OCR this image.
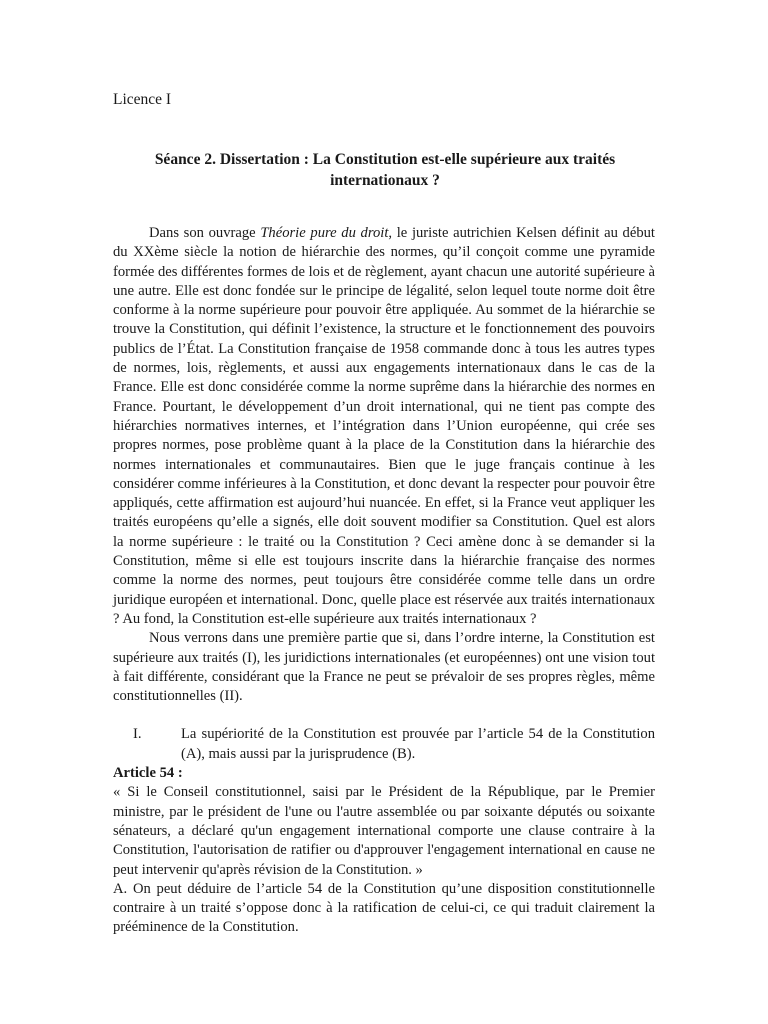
Licence I
Séance 2. Dissertation : La Constitution est-elle supérieure aux traités internationaux ?

Dans son ouvrage Théorie pure du droit, le juriste autrichien Kelsen définit au début du XXème siècle la notion de hiérarchie des normes, qu’il conçoit comme une pyramide formée des différentes formes de lois et de règlement, ayant chacun une autorité supérieure à une autre. Elle est donc fondée sur le principe de légalité, selon lequel toute norme doit être conforme à la norme supérieure pour pouvoir être appliquée. Au sommet de la hiérarchie se trouve la Constitution, qui définit l’existence, la structure et le fonctionnement des pouvoirs publics de l’État. La Constitution française de 1958 commande donc à tous les autres types de normes, lois, règlements, et aussi aux engagements internationaux dans le cas de la France. Elle est donc considérée comme la norme suprême dans la hiérarchie des normes en France. Pourtant, le développement d’un droit international, qui ne tient pas compte des hiérarchies normatives internes, et l’intégration dans l’Union européenne, qui crée ses propres normes, pose problème quant à la place de la Constitution dans la hiérarchie des normes internationales et communautaires. Bien que le juge français continue à les considérer comme inférieures à la Constitution, et donc devant la respecter pour pouvoir être appliqués, cette affirmation est aujourd’hui nuancée. En effet, si la France veut appliquer les traités européens qu’elle a signés, elle doit souvent modifier sa Constitution. Quel est alors la norme supérieure : le traité ou la Constitution ? Ceci amène donc à se demander si la Constitution, même si elle est toujours inscrite dans la hiérarchie française des normes comme la norme des normes, peut toujours être considérée comme telle dans un ordre juridique européen et international. Donc, quelle place est réservée aux traités internationaux ? Au fond, la Constitution est-elle supérieure aux traités internationaux ?

Nous verrons dans une première partie que si, dans l’ordre interne, la Constitution est supérieure aux traités (I), les juridictions internationales (et européennes) ont une vision tout à fait différente, considérant que la France ne peut se prévaloir de ses propres règles, même constitutionnelles (II).

I.	La supériorité de la Constitution est prouvée par l’article 54 de la Constitution (A), mais aussi par la jurisprudence (B).

Article 54 :

« Si le Conseil constitutionnel, saisi par le Président de la République, par le Premier ministre, par le président de l'une ou l'autre assemblée ou par soixante députés ou soixante sénateurs, a déclaré qu'un engagement international comporte une clause contraire à la Constitution, l'autorisation de ratifier ou d'approuver l'engagement international en cause ne peut intervenir qu'après révision de la Constitution. »

A. On peut déduire de l’article 54 de la Constitution qu’une disposition constitutionnelle contraire à un traité s’oppose donc à la ratification de celui-ci, ce qui traduit clairement la prééminence de la Constitution.
